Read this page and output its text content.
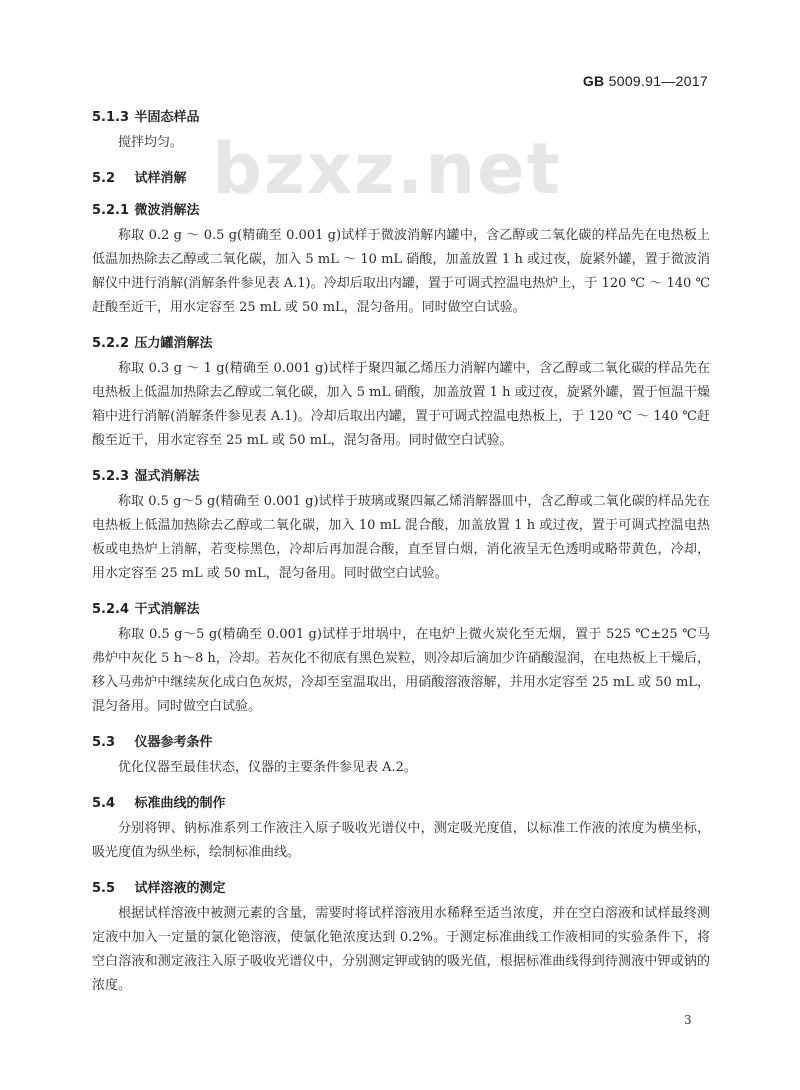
GB 5009.91—2017
bzxz.net
5.1.3 半固态样品

搅拌均匀。

5.2 试样消解
5.2.1 微波消解法

称取 0.2 g ～ 0.5 g(精确至 0.001 g)试样于微波消解内罐中，含乙醇或二氧化碳的样品先在电热板上低温加热除去乙醇或二氧化碳，加入 5 mL ～ 10 mL 硝酸，加盖放置 1 h 或过夜，旋紧外罐，置于微波消解仪中进行消解(消解条件参见表 A.1)。冷却后取出内罐，置于可调式控温电热炉上，于 120 ℃ ～ 140 ℃赶酸至近干，用水定容至 25 mL 或 50 mL，混匀备用。同时做空白试验。

5.2.2 压力罐消解法

称取 0.3 g ～ 1 g(精确至 0.001 g)试样于聚四氟乙烯压力消解内罐中，含乙醇或二氧化碳的样品先在电热板上低温加热除去乙醇或二氧化碳，加入 5 mL 硝酸，加盖放置 1 h 或过夜，旋紧外罐，置于恒温干燥箱中进行消解(消解条件参见表 A.1)。冷却后取出内罐，置于可调式控温电热板上，于 120 ℃ ～ 140 ℃赶酸至近干，用水定容至 25 mL 或 50 mL，混匀备用。同时做空白试验。

5.2.3 湿式消解法

称取 0.5 g～5 g(精确至 0.001 g)试样于玻璃或聚四氟乙烯消解器皿中，含乙醇或二氧化碳的样品先在电热板上低温加热除去乙醇或二氧化碳，加入 10 mL 混合酸，加盖放置 1 h 或过夜，置于可调式控温电热板或电热炉上消解，若变棕黑色，冷却后再加混合酸，直至冒白烟，消化液呈无色透明或略带黄色，冷却，用水定容至 25 mL 或 50 mL，混匀备用。同时做空白试验。

5.2.4 干式消解法

称取 0.5 g～5 g(精确至 0.001 g)试样于坩埚中，在电炉上微火炭化至无烟，置于 525 ℃±25 ℃马弗炉中灰化 5 h～8 h，冷却。若灰化不彻底有黑色炭粒，则冷却后滴加少许硝酸湿润，在电热板上干燥后，移入马弗炉中继续灰化成白色灰烬，冷却至室温取出，用硝酸溶液溶解，并用水定容至 25 mL 或 50 mL，混匀备用。同时做空白试验。

5.3 仪器参考条件

优化仪器至最佳状态，仪器的主要条件参见表 A.2。

5.4 标准曲线的制作

分别将钾、钠标准系列工作液注入原子吸收光谱仪中，测定吸光度值，以标准工作液的浓度为横坐标，吸光度值为纵坐标，绘制标准曲线。

5.5 试样溶液的测定

根据试样溶液中被测元素的含量，需要时将试样溶液用水稀释至适当浓度，并在空白溶液和试样最终测定液中加入一定量的氯化铯溶液，使氯化铯浓度达到 0.2%。于测定标准曲线工作液相同的实验条件下，将空白溶液和测定液注入原子吸收光谱仪中，分别测定钾或钠的吸光值，根据标准曲线得到待测液中钾或钠的浓度。

3
